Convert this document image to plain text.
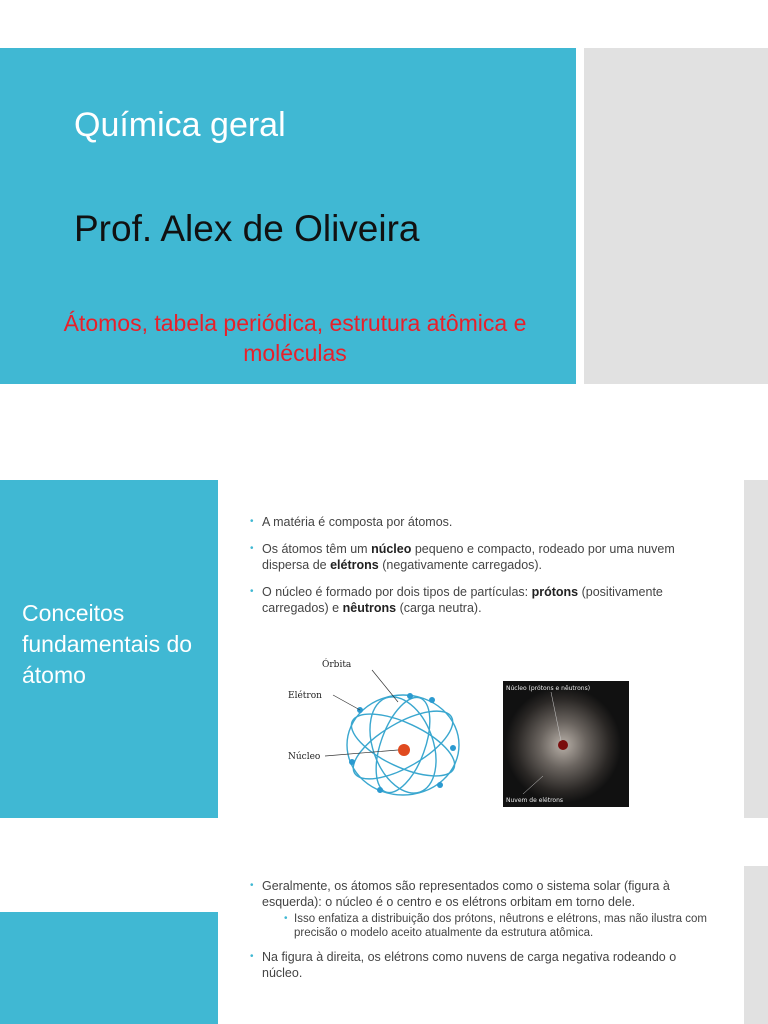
Química geral
Prof. Alex de Oliveira
Átomos, tabela periódica, estrutura atômica e moléculas
Conceitos fundamentais do átomo
• A matéria é composta por átomos.
• Os átomos têm um núcleo pequeno e compacto, rodeado por uma nuvem dispersa de elétrons (negativamente carregados).
• O núcleo é formado por dois tipos de partículas: prótons (positivamente carregados) e nêutrons (carga neutra).
Órbita
Elétron
Núcleo
Núcleo (prótons e nêutrons)
Nuvem de elétrons
• Geralmente, os átomos são representados como o sistema solar (figura à esquerda): o núcleo é o centro e os elétrons orbitam em torno dele.
• Isso enfatiza a distribuição dos prótons, nêutrons e elétrons, mas não ilustra com precisão o modelo aceito atualmente da estrutura atômica.
• Na figura à direita, os elétrons como nuvens de carga negativa rodeando o núcleo.
